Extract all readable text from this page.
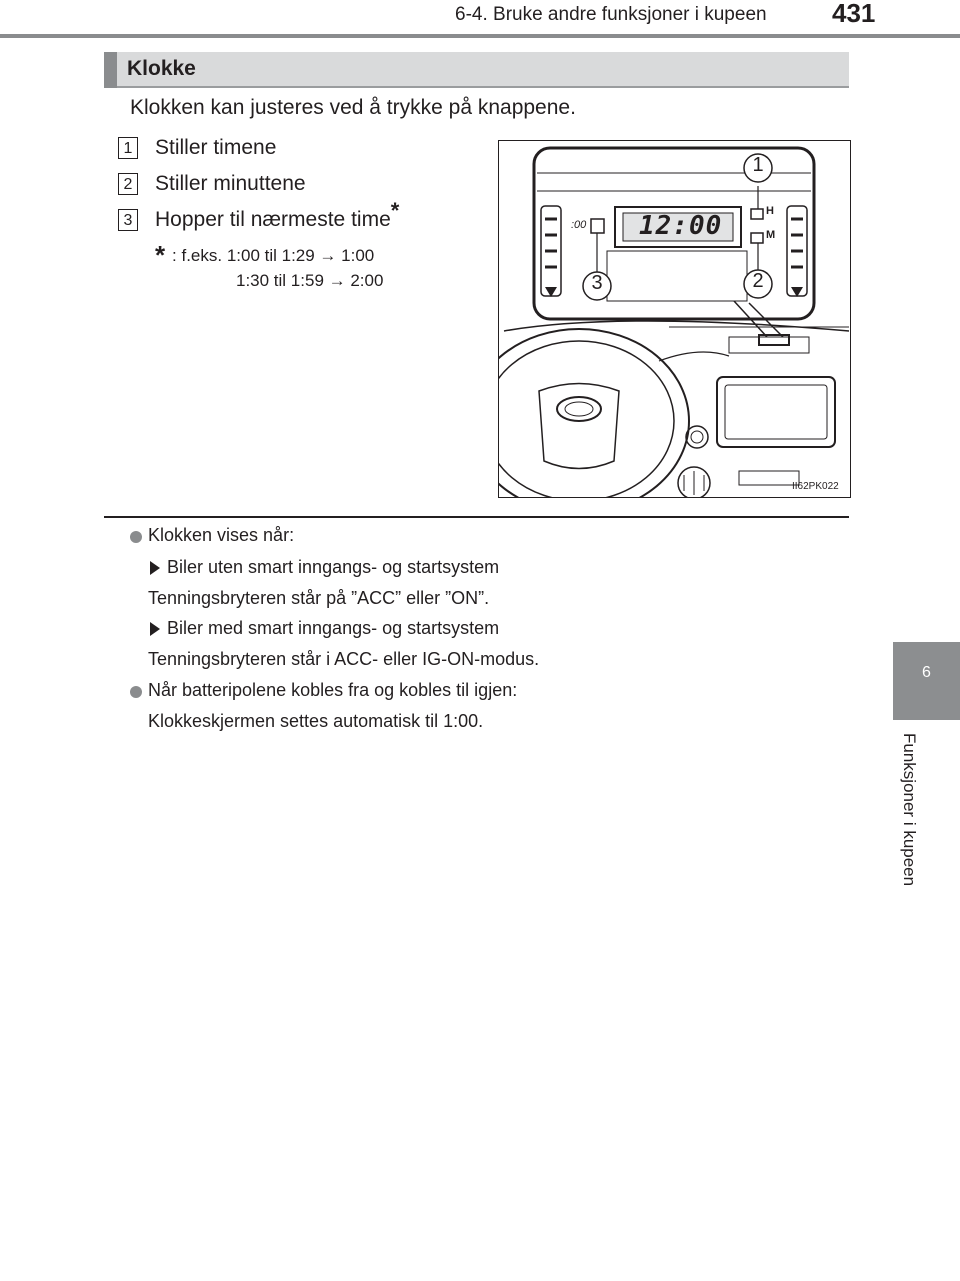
6-4. Bruke andre funksjoner i kupeen	431
6
Funksjoner i kupeen
Klokke
Klokken kan justeres ved å trykke på knappene.
1 Stiller timene
2 Stiller minuttene
3 Hopper til nærmeste time*
* : f.eks. 1:00 til 1:29 → 1:00
1:30 til 1:59 → 2:00
12:00
:00
H
M
1
2
3
II62PK022
Klokken vises når:
Biler uten smart inngangs- og startsystem
Tenningsbryteren står på ”ACC” eller ”ON”.
Biler med smart inngangs- og startsystem
Tenningsbryteren står i ACC- eller IG-ON-modus.
Når batteripolene kobles fra og kobles til igjen:
Klokkeskjermen settes automatisk til 1:00.
